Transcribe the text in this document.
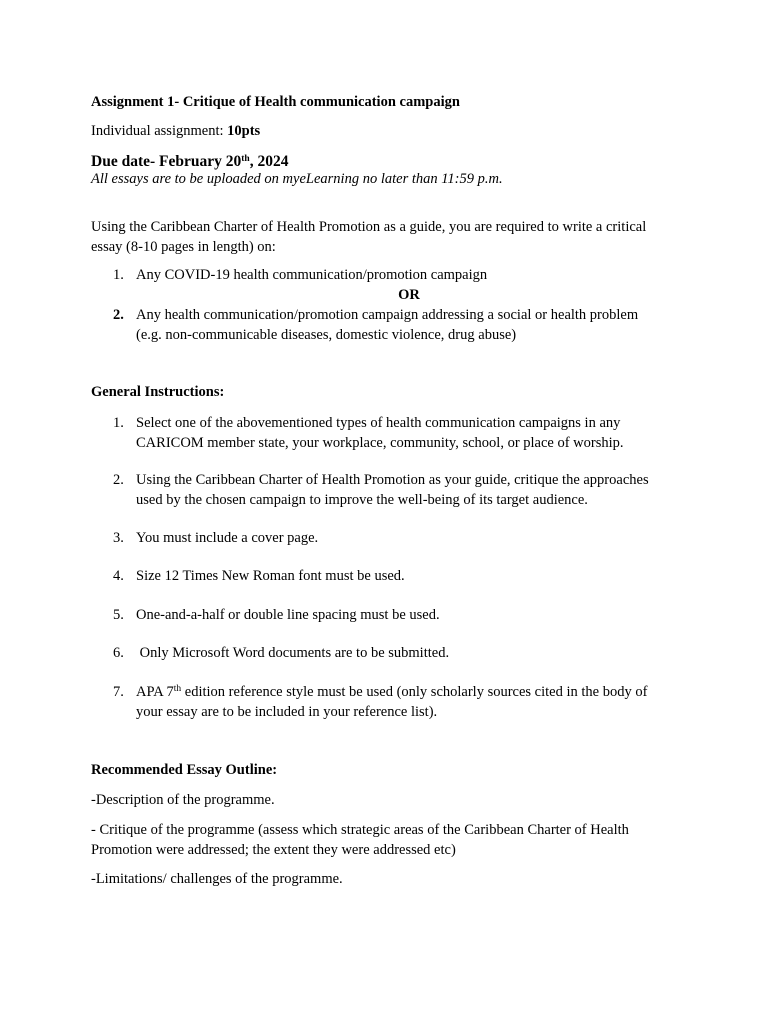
Assignment 1- Critique of Health communication campaign
Individual assignment: 10pts
Due date- February 20th, 2024
All essays are to be uploaded on myeLearning no later than 11:59 p.m.
Using the Caribbean Charter of Health Promotion as a guide, you are required to write a critical
essay (8-10 pages in length) on:
1. Any COVID-19 health communication/promotion campaign
OR
2. Any health communication/promotion campaign addressing a social or health problem
(e.g. non-communicable diseases, domestic violence, drug abuse)
General Instructions:
1. Select one of the abovementioned types of health communication campaigns in any
CARICOM member state, your workplace, community, school, or place of worship.
2. Using the Caribbean Charter of Health Promotion as your guide, critique the approaches
used by the chosen campaign to improve the well-being of its target audience.
3. You must include a cover page.
4. Size 12 Times New Roman font must be used.
5. One-and-a-half or double line spacing must be used.
6. Only Microsoft Word documents are to be submitted.
7. APA 7th edition reference style must be used (only scholarly sources cited in the body of
your essay are to be included in your reference list).
Recommended Essay Outline:
-Description of the programme.
- Critique of the programme (assess which strategic areas of the Caribbean Charter of Health
Promotion were addressed; the extent they were addressed etc)
-Limitations/ challenges of the programme.
